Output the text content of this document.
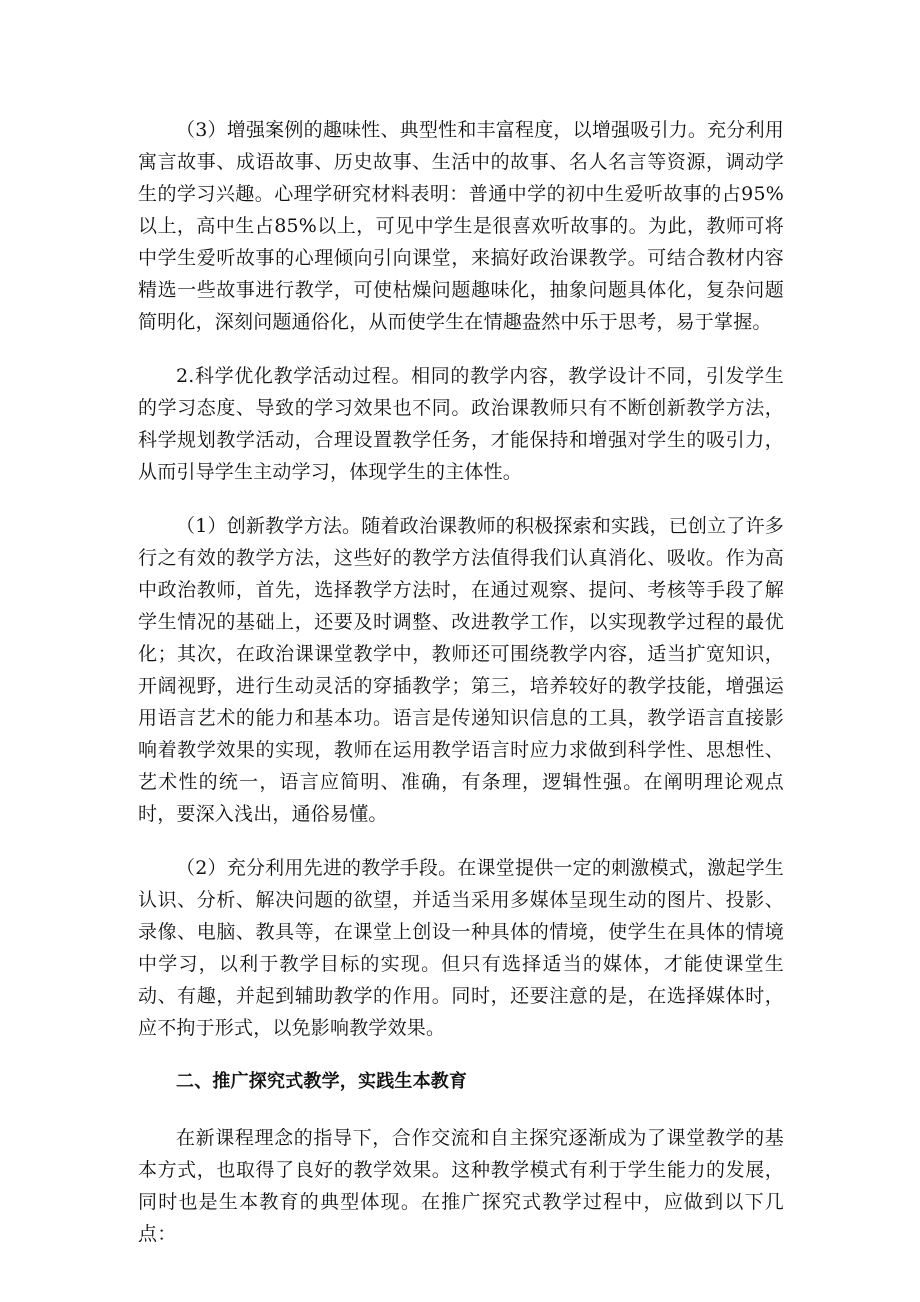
（3）增强案例的趣味性、典型性和丰富程度，以增强吸引力。充分利用寓言故事、成语故事、历史故事、生活中的故事、名人名言等资源，调动学生的学习兴趣。心理学研究材料表明：普通中学的初中生爱听故事的占95%以上，高中生占85%以上，可见中学生是很喜欢听故事的。为此，教师可将中学生爱听故事的心理倾向引向课堂，来搞好政治课教学。可结合教材内容精选一些故事进行教学，可使枯燥问题趣味化，抽象问题具体化，复杂问题简明化，深刻问题通俗化，从而使学生在情趣盎然中乐于思考，易于掌握。

2.科学优化教学活动过程。相同的教学内容，教学设计不同，引发学生的学习态度、导致的学习效果也不同。政治课教师只有不断创新教学方法，科学规划教学活动，合理设置教学任务，才能保持和增强对学生的吸引力，从而引导学生主动学习，体现学生的主体性。

（1）创新教学方法。随着政治课教师的积极探索和实践，已创立了许多行之有效的教学方法，这些好的教学方法值得我们认真消化、吸收。作为高中政治教师，首先，选择教学方法时，在通过观察、提问、考核等手段了解学生情况的基础上，还要及时调整、改进教学工作，以实现教学过程的最优化；其次，在政治课课堂教学中，教师还可围绕教学内容，适当扩宽知识，开阔视野，进行生动灵活的穿插教学；第三，培养较好的教学技能，增强运用语言艺术的能力和基本功。语言是传递知识信息的工具，教学语言直接影响着教学效果的实现，教师在运用教学语言时应力求做到科学性、思想性、艺术性的统一，语言应简明、准确，有条理，逻辑性强。在阐明理论观点时，要深入浅出，通俗易懂。

（2）充分利用先进的教学手段。在课堂提供一定的刺激模式，激起学生认识、分析、解决问题的欲望，并适当采用多媒体呈现生动的图片、投影、录像、电脑、教具等，在课堂上创设一种具体的情境，使学生在具体的情境中学习，以利于教学目标的实现。但只有选择适当的媒体，才能使课堂生动、有趣，并起到辅助教学的作用。同时，还要注意的是，在选择媒体时，应不拘于形式，以免影响教学效果。

二、推广探究式教学，实践生本教育

在新课程理念的指导下，合作交流和自主探究逐渐成为了课堂教学的基本方式，也取得了良好的教学效果。这种教学模式有利于学生能力的发展，同时也是生本教育的典型体现。在推广探究式教学过程中，应做到以下几点：
